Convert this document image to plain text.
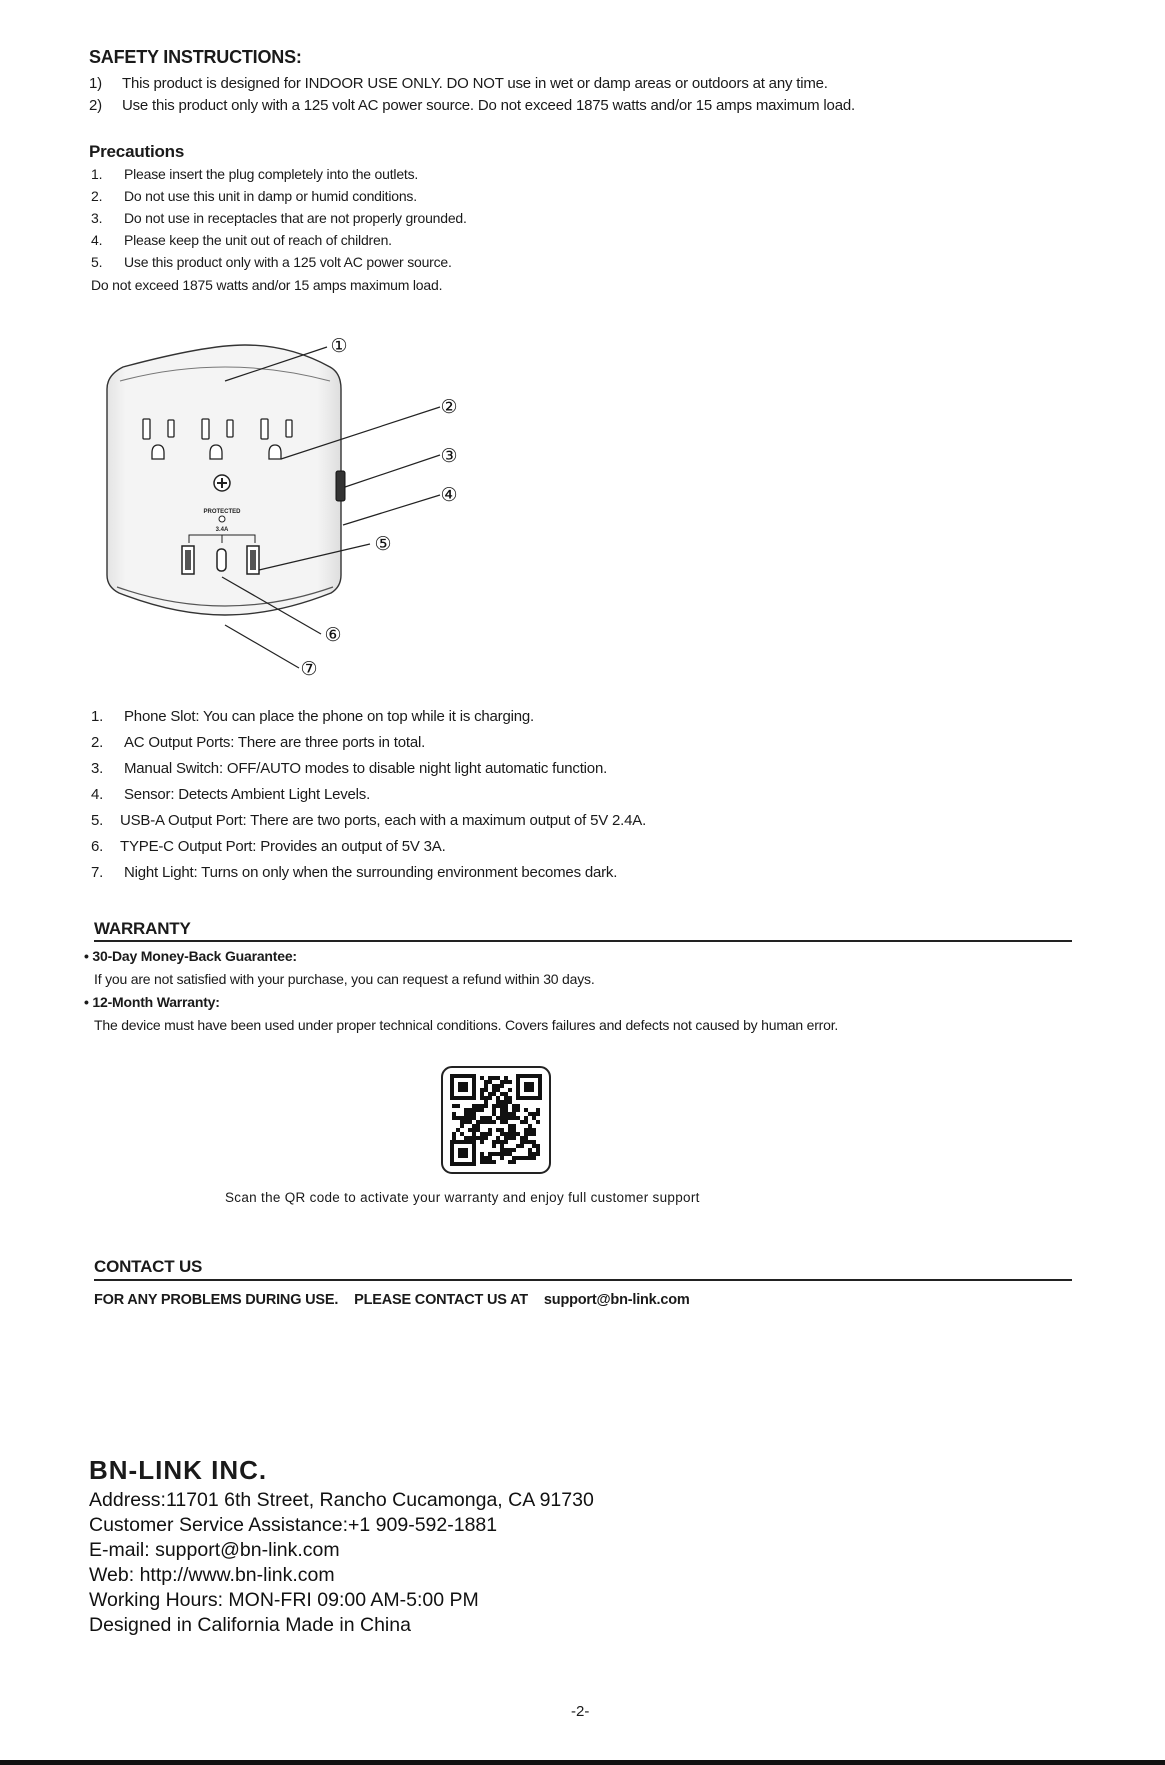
SAFETY INSTRUCTIONS:
1) This product is designed for INDOOR USE ONLY. DO NOT use in wet or damp areas or outdoors at any time.
2) Use this product only with a 125 volt AC power source. Do not exceed 1875 watts and/or 15 amps maximum load.
Precautions
1. Please insert the plug completely into the outlets.
2. Do not use this unit in damp or humid conditions.
3. Do not use in receptacles that are not properly grounded.
4. Please keep the unit out of reach of children.
5. Use this product only with a 125 volt AC power source.
Do not exceed 1875 watts and/or 15 amps maximum load.
PROTECTED
3.4A
①
②
③
④
⑤
⑥
⑦
1. Phone Slot: You can place the phone on top while it is charging.
2. AC Output Ports: There are three ports in total.
3. Manual Switch: OFF/AUTO modes to disable night light automatic function.
4. Sensor: Detects Ambient Light Levels.
5. USB-A Output Port: There are two ports, each with a maximum output of 5V 2.4A.
6. TYPE-C Output Port: Provides an output of 5V 3A.
7. Night Light: Turns on only when the surrounding environment becomes dark.
WARRANTY
• 30-Day Money-Back Guarantee:
If you are not satisfied with your purchase, you can request a refund within 30 days.
• 12-Month Warranty:
The device must have been used under proper technical conditions. Covers failures and defects not caused by human error.
Scan the QR code to activate your warranty and enjoy full customer support
CONTACT US
FOR ANY PROBLEMS DURING USE. PLEASE CONTACT US AT support@bn-link.com
BN-LINK INC.
Address:11701 6th Street, Rancho Cucamonga, CA 91730
Customer Service Assistance:+1 909-592-1881
E-mail: support@bn-link.com
Web: http://www.bn-link.com
Working Hours: MON-FRI 09:00 AM-5:00 PM
Designed in California Made in China
-2-
